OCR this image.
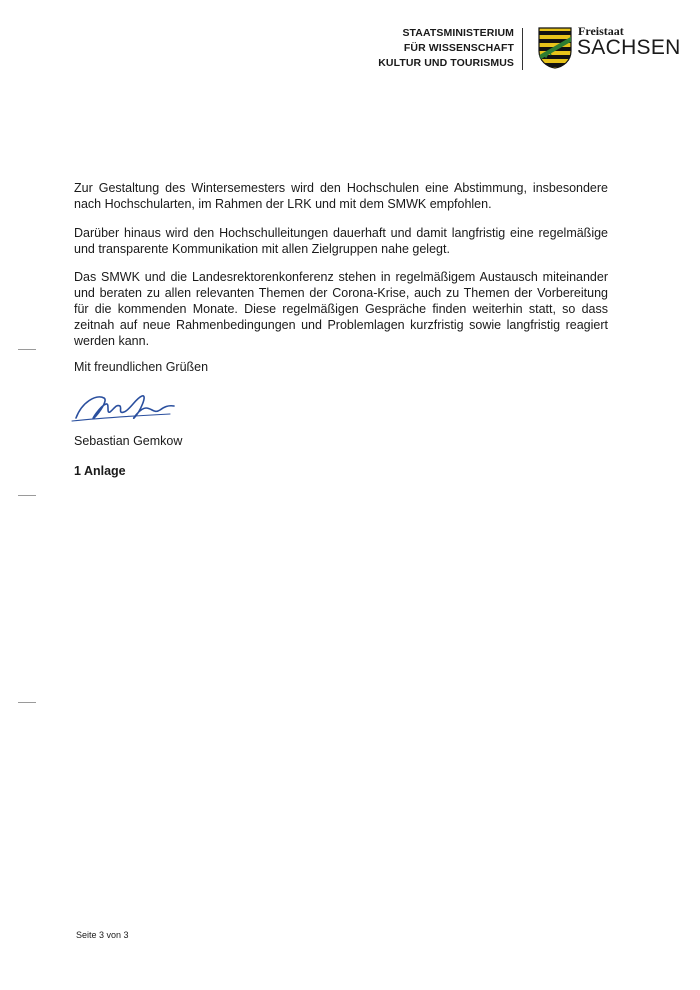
STAATSMINISTERIUM
FÜR WISSENSCHAFT
KULTUR UND TOURISMUS
Freistaat
SACHSEN
Zur Gestaltung des Wintersemesters wird den Hochschulen eine Abstimmung, insbesondere nach Hochschularten, im Rahmen der LRK und mit dem SMWK empfohlen.
Darüber hinaus wird den Hochschulleitungen dauerhaft und damit langfristig eine regelmäßige und transparente Kommunikation mit allen Zielgruppen nahe gelegt.
Das SMWK und die Landesrektorenkonferenz stehen in regelmäßigem Austausch miteinander und beraten zu allen relevanten Themen der Corona-Krise, auch zu Themen der Vorbereitung für die kommenden Monate. Diese regelmäßigen Gespräche finden weiterhin statt, so dass zeitnah auf neue Rahmenbedingungen und Problemlagen kurzfristig sowie langfristig reagiert werden kann.
Mit freundlichen Grüßen
Sebastian Gemkow
1 Anlage
Seite 3 von 3
